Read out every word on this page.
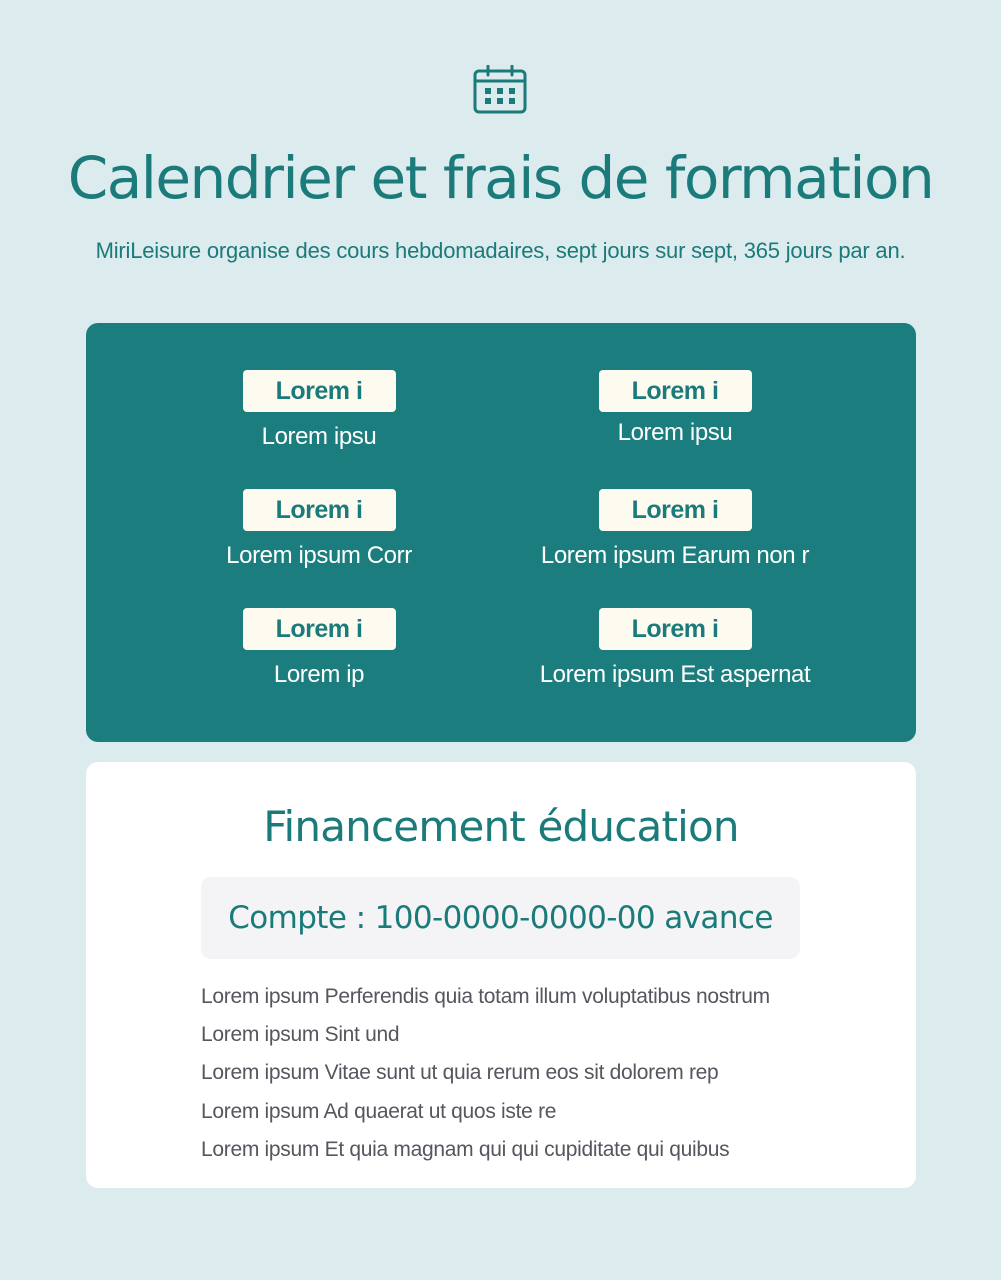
Calendrier et frais de formation
MiriLeisure organise des cours hebdomadaires, sept jours sur sept, 365 jours par an.
Lorem i
Lorem ipsu
Lorem i
Lorem ipsu
Lorem i
Lorem ipsum Corr
Lorem i
Lorem ipsum Earum non r
Lorem i
Lorem ip
Lorem i
Lorem ipsum Est aspernat
Financement éducation
Compte : 100-0000-0000-00 avance
Lorem ipsum Perferendis quia totam illum voluptatibus nostrum
Lorem ipsum Sint und
Lorem ipsum Vitae sunt ut quia rerum eos sit dolorem rep
Lorem ipsum Ad quaerat ut quos iste re
Lorem ipsum Et quia magnam qui qui cupiditate qui quibus
